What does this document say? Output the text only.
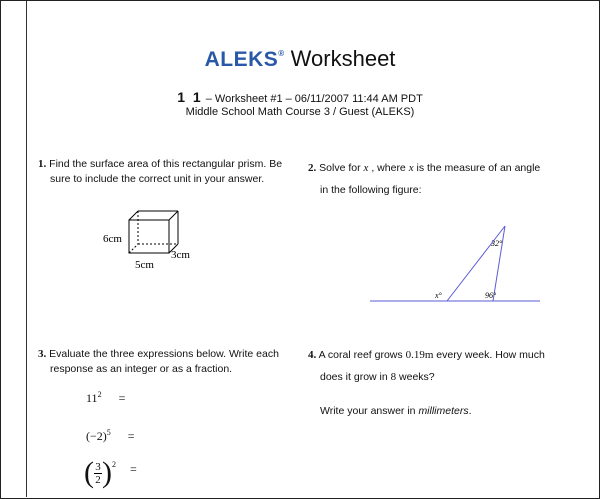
ALEKS® Worksheet
1 1 – Worksheet #1 – 06/11/2007 11:44 AM PDT
Middle School Math Course 3 / Guest (ALEKS)
1. Find the surface area of this rectangular prism. Be
sure to include the correct unit in your answer.
6cm
5cm
3cm
2. Solve for x , where x is the measure of an angle
in the following figure:
32°
x°	96°
3. Evaluate the three expressions below. Write each
response as an integer or as a fraction.
$11^2$ =
$(-2)^5$ =
( 3
2 ) 2 =
4. A coral reef grows 0.19m every week. How much
does it grow in 8 weeks?
Write your answer in millimeters.
